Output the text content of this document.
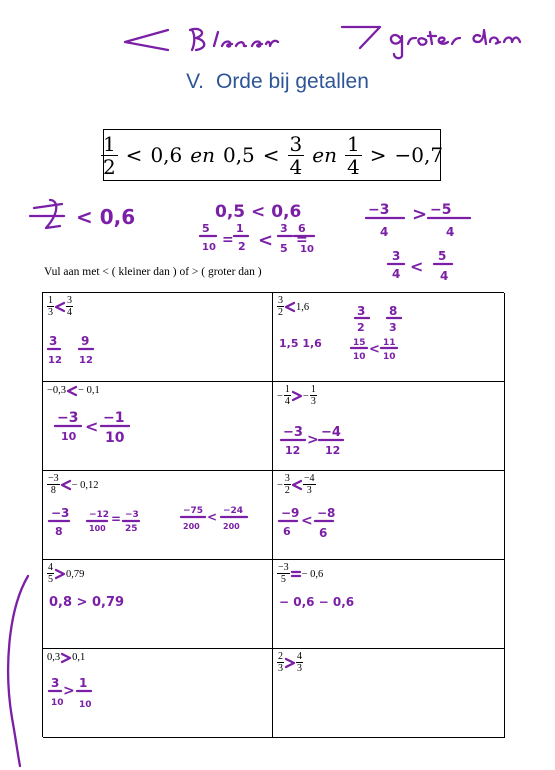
V. Orde bij getallen
$\frac{1}{2} < 0,6$ en $0,5 < \frac{3}{4}$ en $\frac{1}{4} > -0,7$
< 0,6	0,5 < 0,6
5
10 =
1
2 <
3
5
=
6
10
−3
4
> −5
4
3
4 <
5
4
Vul aan met < ( kleiner dan ) of > ( groter dan )
$\frac{1}{3} \frac{3}{4}$
3
12
9
12
$\frac{3}{2} 1,6$
1,5 1,6
3
2
8
3
15
10 < 11
10
−0,3 − 0,1
−3
10
< −1
10
− $\frac{1}{4} - \frac{1}{3}$
−3
12
> −4
12
$\frac{-3}{8} - 0,12$
−3
8
−12
100
= −3
25
−75
200
< −24
200
− $\frac{3}{2} \frac{-4}{3}$
−9
6
< −8
6
$\frac{4}{5} 0,79$
0,8 > 0,79
$\frac{-3}{5} - 0,6$
− 0,6 − 0,6
0,3 0,1
3
10
> 1
10
$\frac{2}{3} \frac{4}{3}$
